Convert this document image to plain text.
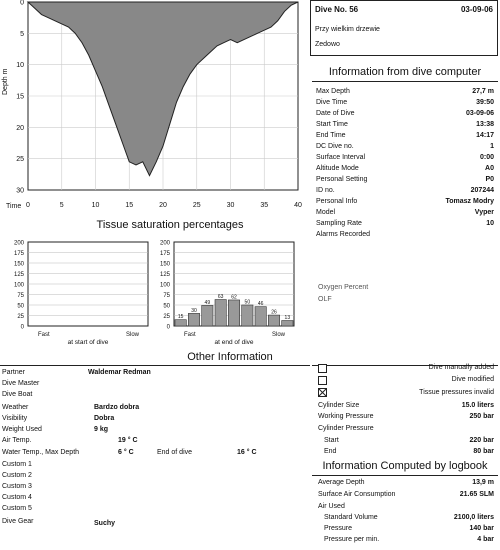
Depth m
Time
0
5
10
15
20
25
30
0	5	10	15	20	25	30	35	40
Dive No. 56	03-09-06
Przy wielkim drzewie
Zedowo
Information from dive computer
Max Depth	27,7 m
Dive Time	39:50
Date of Dive	03-09-06
Start Time	13:38
End Time	14:17
DC Dive no.	1
Surface Interval	0:00
Altitude Mode	A0
Personal Setting	P0
ID no.	207244
Personal Info	Tomasz Modry
Model	Vyper
Sampling Rate	10
Alarms Recorded
Oxygen Percent
OLF
Tissue saturation percentages
200
175
150
125
100
75
50
25
0
Fast	Slow
at start of dive
200
175
150
125
100
75
50
25
0
15
30
49
63 62
50 46
26
13
Fast	Slow
at end of dive
Other Information
Partner	Waldemar Redman
Dive Master
Dive Boat
Weather	Bardzo dobra
Visibility	Dobra
Weight Used	9 kg
Air Temp.	19 ° C
Water Temp., Max Depth	6 ° C	End of dive	16 ° C
Custom 1
Custom 2
Custom 3
Custom 4
Custom 5
Dive Gear	Suchy
Dive manually added
Dive modified
Tissue pressures invalid
Cylinder Size	15.0 liters
Working Pressure	250 bar
Cylinder Pressure
Start	220 bar
End	80 bar
Information Computed by logbook
Average Depth	13,9 m
Surface Air Consumption	21.65 SLM
Air Used
Standard Volume	2100,0 liters
Pressure	140 bar
Pressure per min.	4 bar
